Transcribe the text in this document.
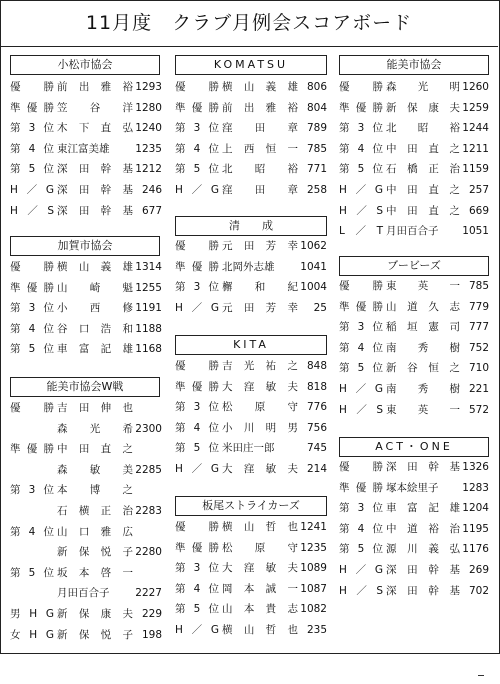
11月度　クラブ月例会スコアボード
小松市協会
優 勝 前 出 雅 裕 1293
準 優 勝 笠 谷 洋 1280
第 3 位 木 下 直 弘 1240
第 4 位 東江富美雄	1235
第 5 位 深 田 幹 基 1212
H ／ G 深 田 幹 基 246
H ／ S 深 田 幹 基 677
加賀市協会
優 勝 横 山 義 雄 1314
準 優 勝 山 崎 魁 1255
第 3 位 小 西 修 1191
第 4 位 谷 口 浩 和 1188
第 5 位 車 富 記 雄 1168
能美市協会W戦
優 勝 吉 田 伸 也
森 光 希 2300
準 優 勝 中 田 直 之
森 敏 美 2285
第 3 位 本 博 之
石 横 正 治 2283
第 4 位 山 口 雅 広
新 保 悦 子 2280
第 5 位 坂 本 啓 一
月田百合子	2227
男 H G 新 保 康 夫 229
女 H G 新 保 悦 子 198
KOMATSU
優 勝 横 山 義 雄 806
準 優 勝 前 出 雅 裕 804
第 3 位 窪 田 章 789
第 4 位 上 西 恒 一 785
第 5 位 北 昭 裕 771
H ／ G 窪 田 章 258
清　　成
優 勝 元 田 芳 幸 1062
準 優 勝 北岡外志雄	1041
第 3 位 檞 和 紀 1004
H ／ G 元 田 芳 幸	25
KITA
優 勝 吉 光 祐 之 848
準 優 勝 大 窪 敏 夫 818
第 3 位 松 原 守 776
第 4 位 小 川 明 男 756
第 5 位 米田庄一郎	745
H ／ G 大 窪 敏 夫 214
板尾ストライカーズ
優 勝 横 山 哲 也 1241
準 優 勝 松 原 守 1235
第 3 位 大 窪 敏 夫 1089
第 4 位 岡 本 誠 一 1087
第 5 位 山 本 貴 志 1082
H ／ G 横 山 哲 也 235
能美市協会
優 勝 森 光 明 1260
準 優 勝 新 保 康 夫 1259
第 3 位 北 昭 裕 1244
第 4 位 中 田 直 之 1211
第 5 位 石 橋 正 治 1159
H ／ G 中 田 直 之 257
H ／ S 中 田 直 之 669
L ／ T 月田百合子	1051
ブービーズ
優 勝 東 英 一 785
準 優 勝 山 道 久 志 779
第 3 位 稲 垣 憲 司 777
第 4 位 南 秀 樹 752
第 5 位 新 谷 恒 之 710
H ／ G 南 秀 樹 221
H ／ S 東 英 一 572
ACT・ONE
優 勝 深 田 幹 基 1326
準 優 勝 塚本絵里子	1283
第 3 位 車 富 記 雄 1204
第 4 位 中 道 裕 治 1195
第 5 位 源 川 義 弘 1176
H ／ G 深 田 幹 基 269
H ／ S 深 田 幹 基 702
